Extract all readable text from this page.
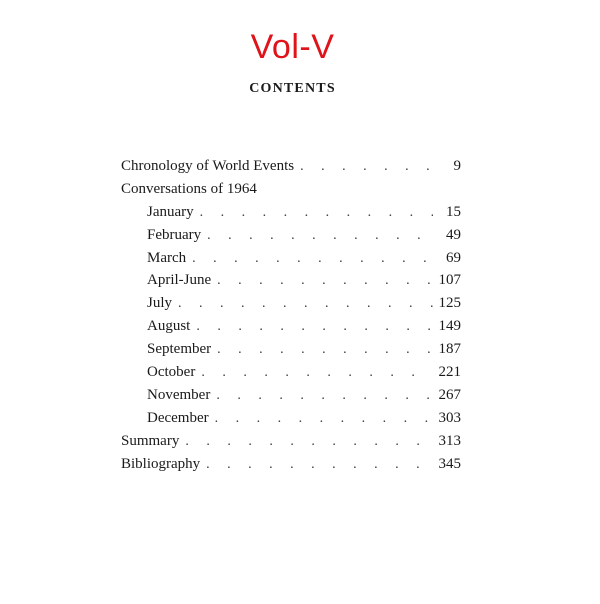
Vol-V
CONTENTS
Chronology of World Events . . .	9
Conversations of 1964
January . . .	15
February . . .	49
March . . .	69
April-June . . .	107
July . . .	125
August . . .	149
September . . .	187
October . . .	221
November . . .	267
December . . .	303
Summary . . .	313
Bibliography . . .	345
